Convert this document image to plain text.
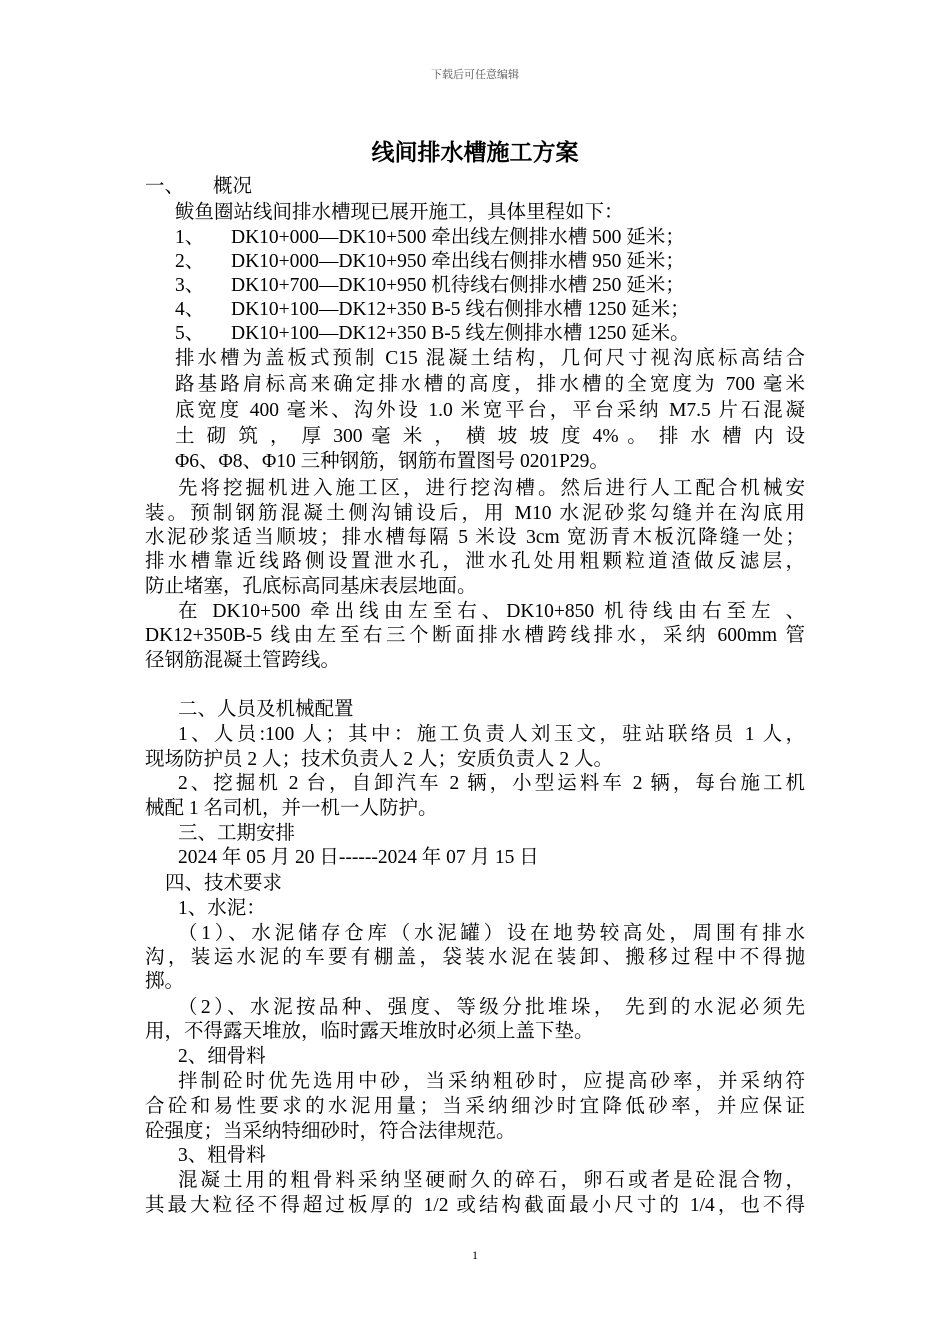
下载后可任意编辑
线间排水槽施工方案
一、 概况
鲅鱼圈站线间排水槽现已展开施工，具体里程如下：
1、 DK10+000—DK10+500 牵出线左侧排水槽 500 延米；
2、 DK10+000—DK10+950 牵出线右侧排水槽 950 延米；
3、 DK10+700—DK10+950 机待线右侧排水槽 250 延米；
4、 DK10+100—DK12+350 B-5 线右侧排水槽 1250 延米；
5、 DK10+100—DK12+350 B-5 线左侧排水槽 1250 延米。
排水槽为盖板式预制 C15 混凝土结构，几何尺寸视沟底标高结合
路基路肩标高来确定排水槽的高度，排水槽的全宽度为 700 毫米
底宽度 400 毫米、沟外设 1.0 米宽平台，平台采纳 M7.5 片石混凝
土 砌 筑 ， 厚 300 毫 米 ， 横 坡 坡 度 4% 。 排 水 槽 内 设
Φ6、Φ8、Φ10 三种钢筋，钢筋布置图号 0201P29。
先将挖掘机进入施工区，进行挖沟槽。然后进行人工配合机械安
装。预制钢筋混凝土侧沟铺设后，用 M10 水泥砂浆勾缝并在沟底用
水泥砂浆适当顺坡；排水槽每隔 5 米设 3cm 宽沥青木板沉降缝一处；
排水槽靠近线路侧设置泄水孔，泄水孔处用粗颗粒道渣做反滤层，
防止堵塞，孔底标高同基床表层地面。
在 DK10+500 牵出线由左至右、DK10+850 机待线由右至左 、
DK12+350B-5 线由左至右三个断面排水槽跨线排水，采纳 600mm 管
径钢筋混凝土管跨线。
二、人员及机械配置
1、人员:100 人；其中：施工负责人刘玉文，驻站联络员 1 人，
现场防护员 2 人；技术负责人 2 人；安质负责人 2 人。
2、挖掘机 2 台，自卸汽车 2 辆，小型运料车 2 辆，每台施工机
械配 1 名司机，并一机一人防护。
三、工期安排
2024 年 05 月 20 日------2024 年 07 月 15 日
四、技术要求
1、水泥：
（1）、水泥储存仓库（水泥罐）设在地势较高处，周围有排水
沟，装运水泥的车要有棚盖，袋装水泥在装卸、搬移过程中不得抛
掷。
（2）、水泥按品种、强度、等级分批堆垛， 先到的水泥必须先
用，不得露天堆放，临时露天堆放时必须上盖下垫。
2、细骨料
拌制砼时优先选用中砂，当采纳粗砂时，应提高砂率，并采纳符
合砼和易性要求的水泥用量；当采纳细沙时宜降低砂率，并应保证
砼强度；当采纳特细砂时，符合法律规范。
3、粗骨料
混凝土用的粗骨料采纳坚硬耐久的碎石，卵石或者是砼混合物，
其最大粒径不得超过板厚的 1/2 或结构截面最小尺寸的 1/4，也不得
1
